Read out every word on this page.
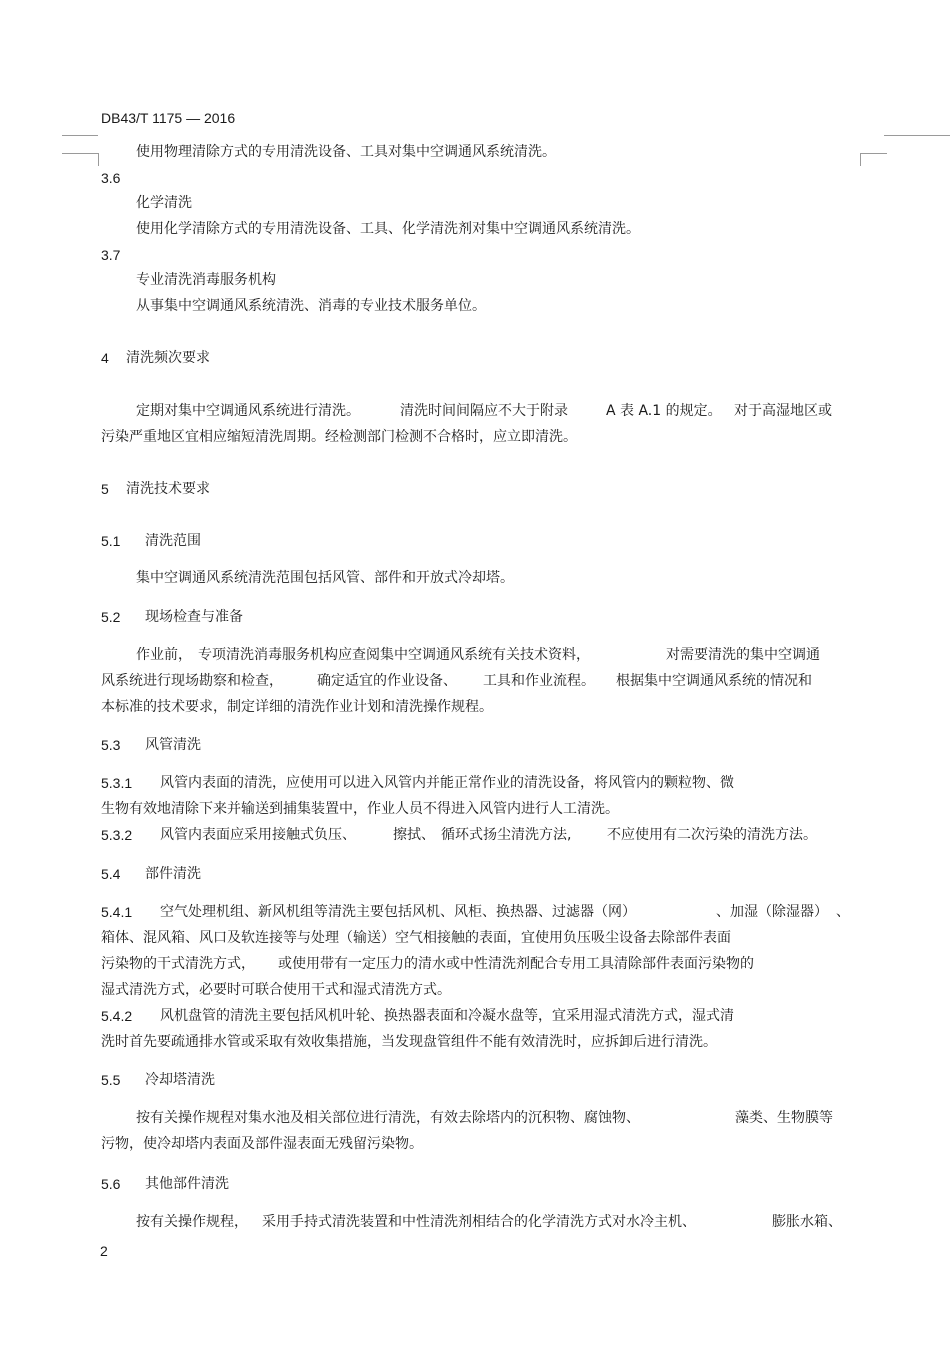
DB43/T 1175 — 2016
使用物理清除方式的专用清洗设备、工具对集中空调通风系统清洗。
3.6
化学清洗
使用化学清除方式的专用清洗设备、工具、化学清洗剂对集中空调通风系统清洗。
3.7
专业清洗消毒服务机构
从事集中空调通风系统清洗、消毒的专业技术服务单位。
4 清洗频次要求
定期对集中空调通风系统进行清洗。	清洗时间间隔应不大于附录	A 表 A.1 的规定。 对于高湿地区或
污染严重地区宜相应缩短清洗周期。经检测部门检测不合格时，应立即清洗。
5 清洗技术要求
5.1 清洗范围
集中空调通风系统清洗范围包括风管、部件和开放式冷却塔。
5.2 现场检查与准备
作业前， 专项清洗消毒服务机构应查阅集中空调通风系统有关技术资料，	对需要清洗的集中空调通
风系统进行现场勘察和检查， 确定适宜的作业设备、 工具和作业流程。 根据集中空调通风系统的情况和
本标准的技术要求，制定详细的清洗作业计划和清洗操作规程。
5.3 风管清洗
5.3.1 风管内表面的清洗，应使用可以进入风管内并能正常作业的清洗设备，将风管内的颗粒物、微
生物有效地清除下来并输送到捕集装置中，作业人员不得进入风管内进行人工清洗。
5.3.2 风管内表面应采用接触式负压、	擦拭、 循环式扬尘清洗方法,	不应使用有二次污染的清洗方法。
5.4 部件清洗
5.4.1 空气处理机组、新风机组等清洗主要包括风机、风柜、换热器、过滤器（网）	、加湿（除湿器） 、
箱体、混风箱、风口及软连接等与处理（输送）空气相接触的表面，宜使用负压吸尘设备去除部件表面
污染物的干式清洗方式， 或使用带有一定压力的清水或中性清洗剂配合专用工具清除部件表面污染物的
湿式清洗方式，必要时可联合使用干式和湿式清洗方式。
5.4.2 风机盘管的清洗主要包括风机叶轮、换热器表面和冷凝水盘等，宜采用湿式清洗方式，湿式清
洗时首先要疏通排水管或采取有效收集措施，当发现盘管组件不能有效清洗时，应拆卸后进行清洗。
5.5 冷却塔清洗
按有关操作规程对集水池及相关部位进行清洗，有效去除塔内的沉积物、腐蚀物、	藻类、生物膜等
污物，使冷却塔内表面及部件湿表面无残留污染物。
5.6 其他部件清洗
按有关操作规程， 采用手持式清洗装置和中性清洗剂相结合的化学清洗方式对水冷主机、	膨胀水箱、
2
